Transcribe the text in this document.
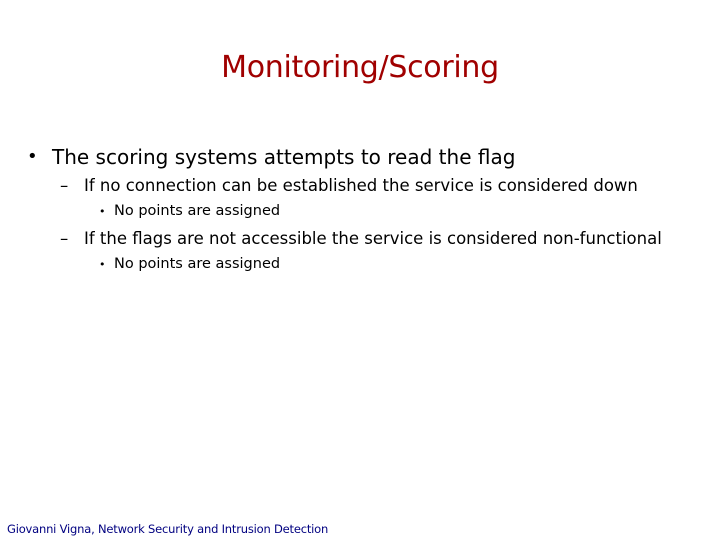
Monitoring/Scoring
• The scoring systems attempts to read the flag
– If no connection can be established the service is considered down
• No points are assigned
– If the flags are not accessible the service is considered non-functional
• No points are assigned
Giovanni Vigna, Network Security and Intrusion Detection
